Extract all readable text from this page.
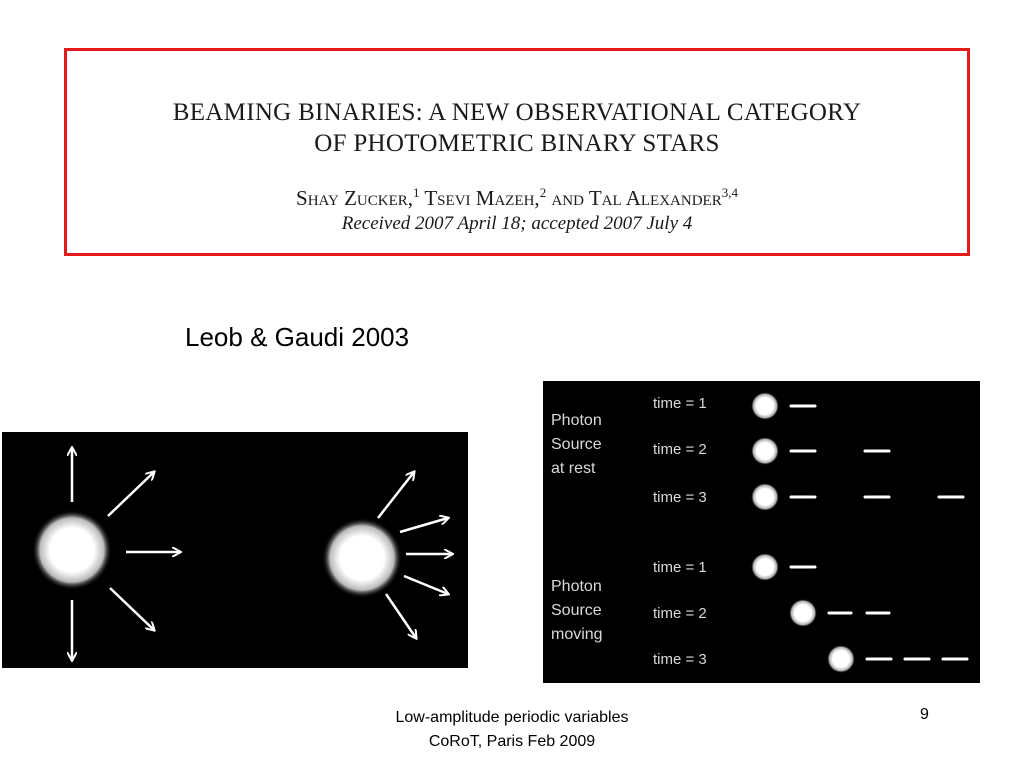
BEAMING BINARIES: A NEW OBSERVATIONAL CATEGORY
OF PHOTOMETRIC BINARY STARS
Shay Zucker,$^1$ Tsevi Mazeh,$^2$ and Tal Alexander$^{3,4}$
Received 2007 April 18; accepted 2007 July 4
Leob & Gaudi 2003
Photon
Source
at rest
Photon
Source
moving
time = 1
time = 2
time = 3
time = 1
time = 2
time = 3
Low-amplitude periodic variables
CoRoT, Paris Feb 2009
9
